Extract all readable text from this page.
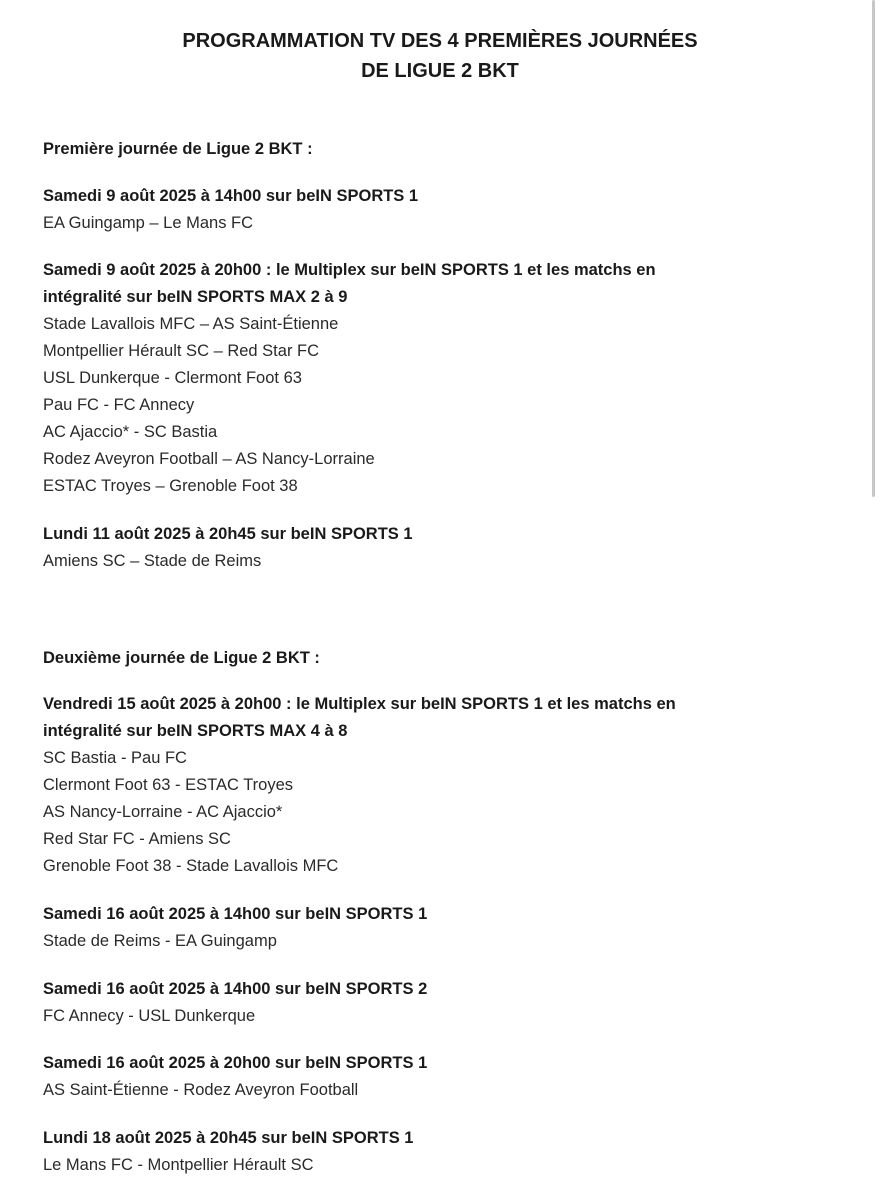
PROGRAMMATION TV DES 4 PREMIÈRES JOURNÉES
DE LIGUE 2 BKT
Première journée de Ligue 2 BKT :
Samedi 9 août 2025 à 14h00 sur beIN SPORTS 1
EA Guingamp – Le Mans FC
Samedi 9 août 2025 à 20h00 : le Multiplex sur beIN SPORTS 1 et les matchs en
intégralité sur beIN SPORTS MAX 2 à 9
Stade Lavallois MFC – AS Saint-Étienne
Montpellier Hérault SC – Red Star FC
USL Dunkerque - Clermont Foot 63
Pau FC - FC Annecy
AC Ajaccio* - SC Bastia
Rodez Aveyron Football – AS Nancy-Lorraine
ESTAC Troyes – Grenoble Foot 38
Lundi 11 août 2025 à 20h45 sur beIN SPORTS 1
Amiens SC – Stade de Reims
Deuxième journée de Ligue 2 BKT :
Vendredi 15 août 2025 à 20h00 : le Multiplex sur beIN SPORTS 1 et les matchs en
intégralité sur beIN SPORTS MAX 4 à 8
SC Bastia - Pau FC
Clermont Foot 63 - ESTAC Troyes
AS Nancy-Lorraine - AC Ajaccio*
Red Star FC - Amiens SC
Grenoble Foot 38 - Stade Lavallois MFC
Samedi 16 août 2025 à 14h00 sur beIN SPORTS 1
Stade de Reims - EA Guingamp
Samedi 16 août 2025 à 14h00 sur beIN SPORTS 2
FC Annecy - USL Dunkerque
Samedi 16 août 2025 à 20h00 sur beIN SPORTS 1
AS Saint-Étienne - Rodez Aveyron Football
Lundi 18 août 2025 à 20h45 sur beIN SPORTS 1
Le Mans FC - Montpellier Hérault SC
